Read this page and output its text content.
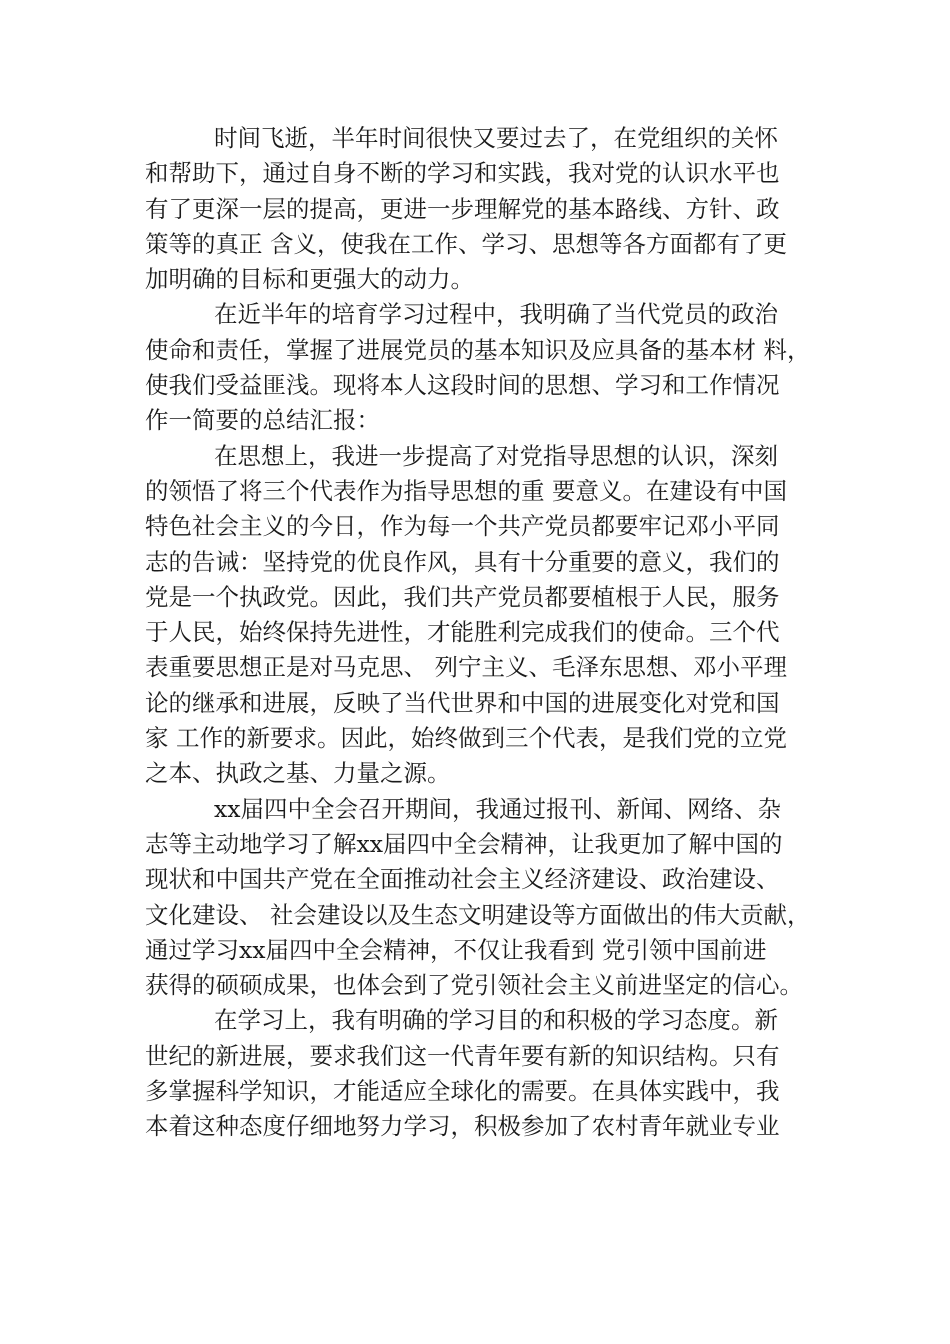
时间飞逝，半年时间很快又要过去了，在党组织的关怀
和帮助下，通过自身不断的学习和实践，我对党的认识水平也
有了更深一层的提高，更进一步理解党的基本路线、方针、政
策等的真正 含义，使我在工作、学习、思想等各方面都有了更
加明确的目标和更强大的动力。
在近半年的培育学习过程中，我明确了当代党员的政治
使命和责任，掌握了进展党员的基本知识及应具备的基本材 料，
使我们受益匪浅。现将本人这段时间的思想、学习和工作情况
作一简要的总结汇报：
在思想上，我进一步提高了对党指导思想的认识，深刻
的领悟了将三个代表作为指导思想的重 要意义。在建设有中国
特色社会主义的今日，作为每一个共产党员都要牢记邓小平同
志的告诫：坚持党的优良作风，具有十分重要的意义，我们的
党是一个执政党。因此，我们共产党员都要植根于人民，服务
于人民，始终保持先进性，才能胜利完成我们的使命。三个代
表重要思想正是对马克思、 列宁主义、毛泽东思想、邓小平理
论的继承和进展，反映了当代世界和中国的进展变化对党和国
家 工作的新要求。因此，始终做到三个代表，是我们党的立党
之本、执政之基、力量之源。
xx届四中全会召开期间，我通过报刊、新闻、网络、杂
志等主动地学习了解xx届四中全会精神，让我更加了解中国的
现状和中国共产党在全面推动社会主义经济建设、政治建设、
文化建设、 社会建设以及生态文明建设等方面做出的伟大贡献，
通过学习xx届四中全会精神，不仅让我看到 党引领中国前进
获得的硕硕成果，也体会到了党引领社会主义前进坚定的信心。
在学习上，我有明确的学习目的和积极的学习态度。新
世纪的新进展，要求我们这一代青年要有新的知识结构。只有
多掌握科学知识，才能适应全球化的需要。在具体实践中，我
本着这种态度仔细地努力学习，积极参加了农村青年就业专业
